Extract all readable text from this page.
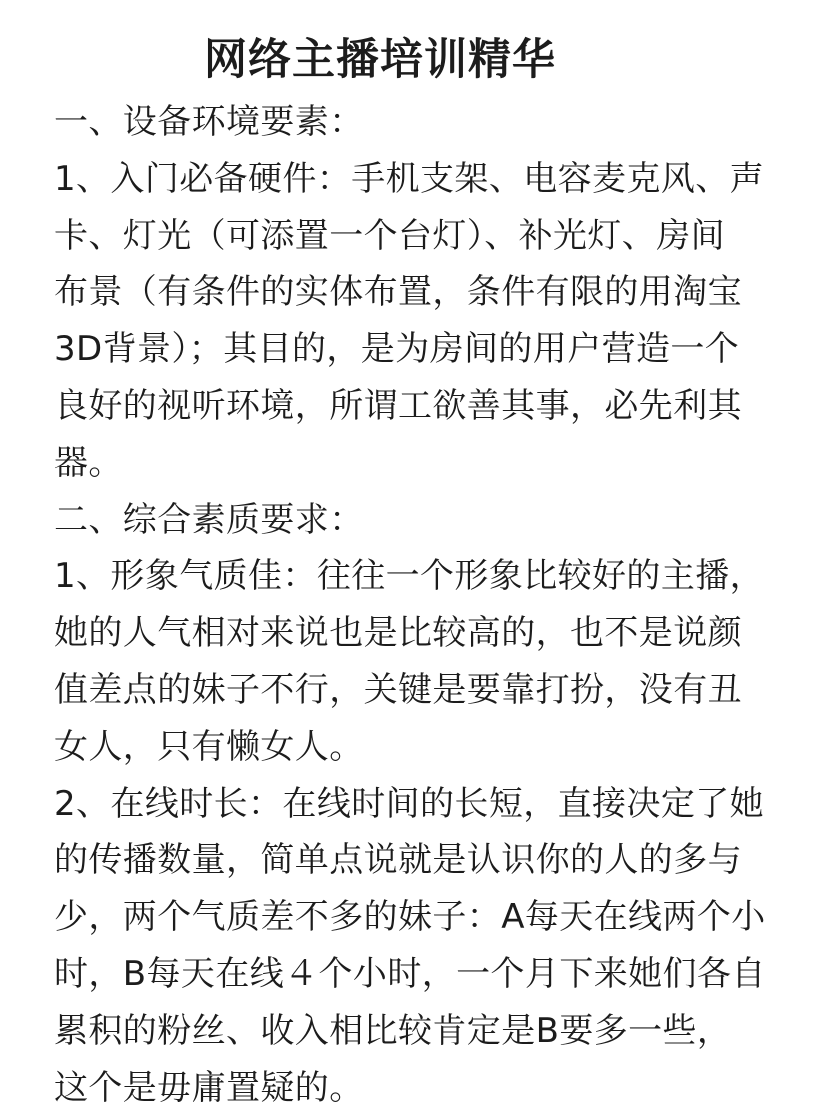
网络主播培训精华
一、设备环境要素：
1、入门必备硬件：手机支架、电容麦克风、声
卡、灯光（可添置一个台灯）、补光灯、房间
布景（有条件的实体布置，条件有限的用淘宝
3D背景）；其目的，是为房间的用户营造一个
良好的视听环境，所谓工欲善其事，必先利其
器。
二、综合素质要求：
1、形象气质佳：往往一个形象比较好的主播，
她的人气相对来说也是比较高的，也不是说颜
值差点的妹子不行，关键是要靠打扮，没有丑
女人，只有懒女人。
2、在线时长：在线时间的长短，直接决定了她
的传播数量，简单点说就是认识你的人的多与
少，两个气质差不多的妹子：A每天在线两个小
时，B每天在线４个小时，一个月下来她们各自
累积的粉丝、收入相比较肯定是B要多一些，
这个是毋庸置疑的。
